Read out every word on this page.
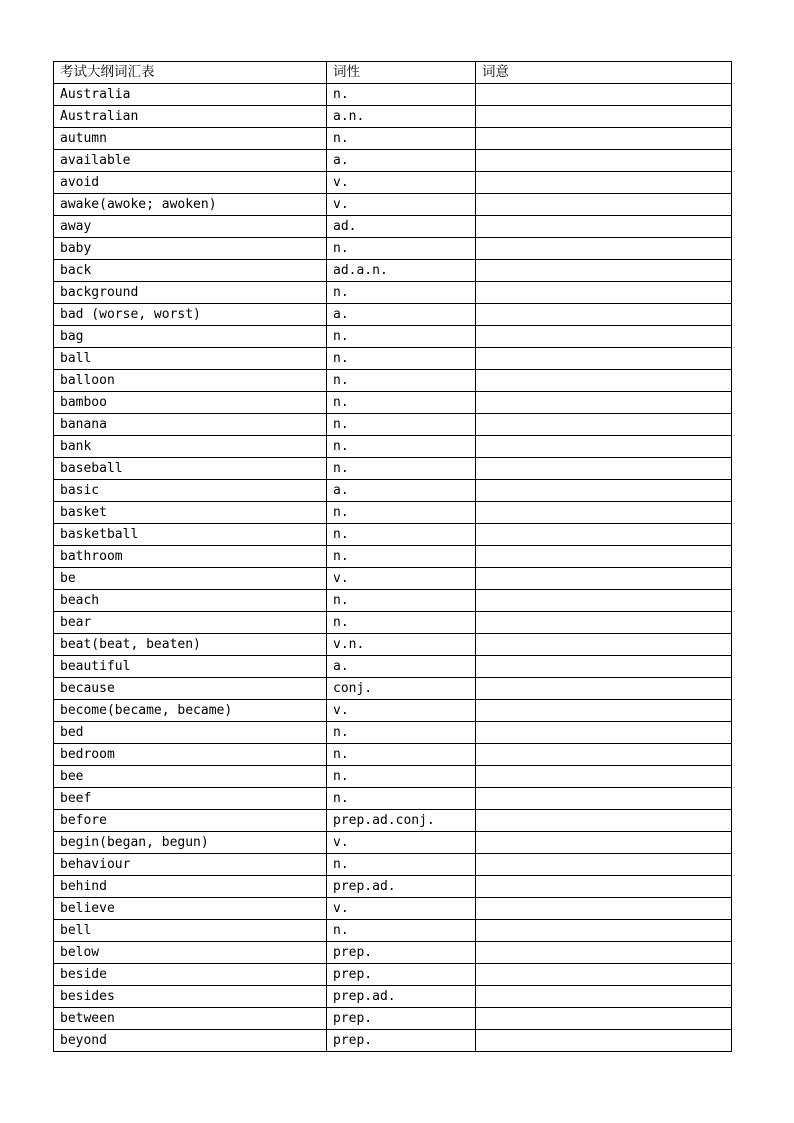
考试大纲词汇表	词性	词意
Australia	n.	
Australian	a.n.	
autumn	n.	
available	a.	
avoid	v.	
awake(awoke; awoken)	v.	
away	ad.	
baby	n.	
back	ad.a.n.	
background	n.	
bad (worse, worst)	a.	
bag	n.	
ball	n.	
balloon	n.	
bamboo	n.	
banana	n.	
bank	n.	
baseball	n.	
basic	a.	
basket	n.	
basketball	n.	
bathroom	n.	
be	v.	
beach	n.	
bear	n.	
beat(beat, beaten)	v.n.	
beautiful	a.	
because	conj.	
become(became, became)	v.	
bed	n.	
bedroom	n.	
bee	n.	
beef	n.	
before	prep.ad.conj.	
begin(began, begun)	v.	
behaviour	n.	
behind	prep.ad.	
believe	v.	
bell	n.	
below	prep.	
beside	prep.	
besides	prep.ad.	
between	prep.	
beyond	prep.	
